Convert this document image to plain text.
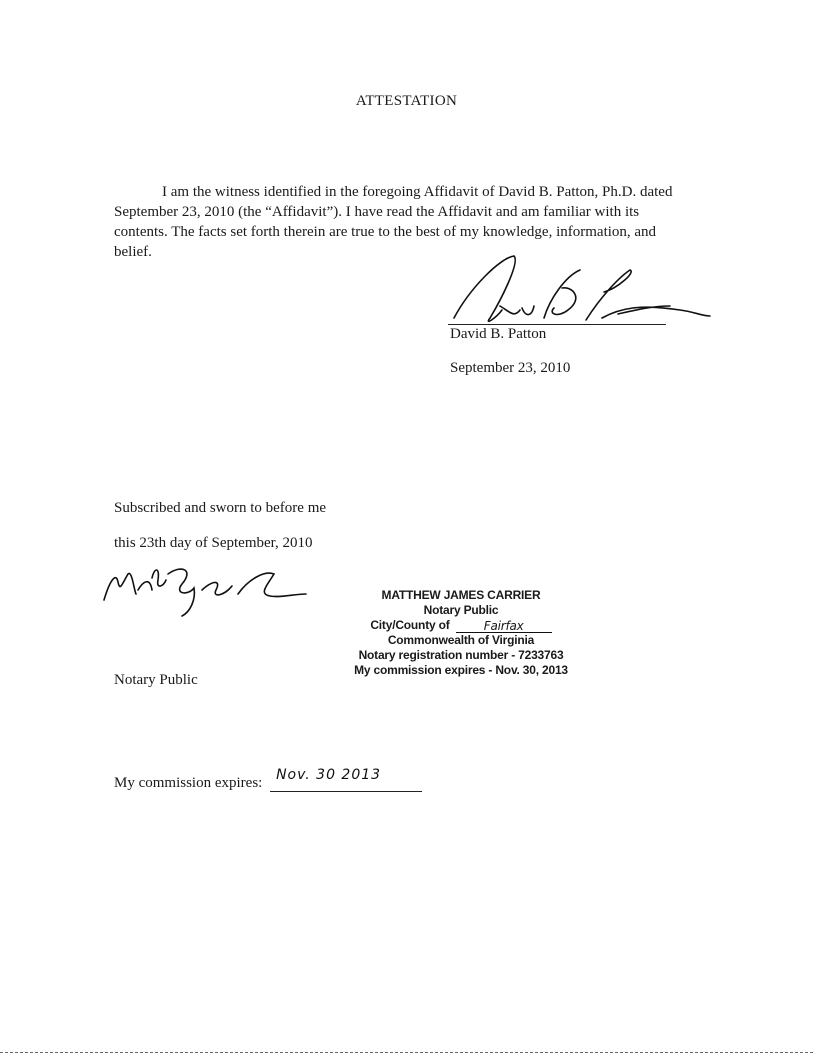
ATTESTATION
I am the witness identified in the foregoing Affidavit of David B. Patton, Ph.D. dated September 23, 2010 (the “Affidavit”). I have read the Affidavit and am familiar with its contents. The facts set forth therein are true to the best of my knowledge, information, and belief.
David B. Patton
September 23, 2010
Subscribed and sworn to before me
this 23th day of September, 2010
Notary Public
MATTHEW JAMES CARRIER
Notary Public
City/County of	Fairfax
Commonwealth of Virginia
Notary registration number - 7233763
My commission expires - Nov. 30, 2013
My commission expires: Nov. 30 2013
